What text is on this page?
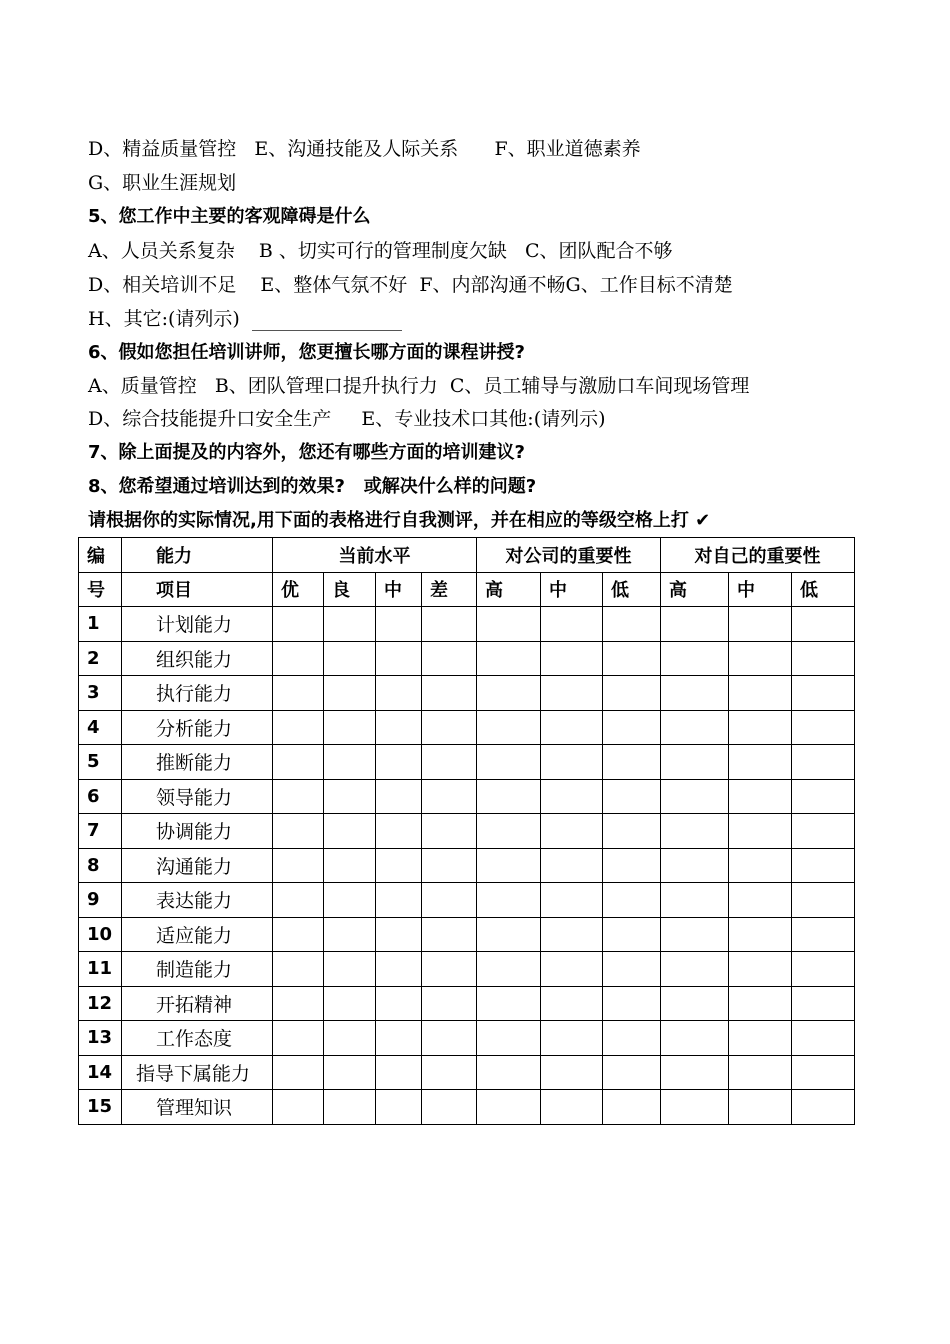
D、精益质量管控   E、沟通技能及人际关系      F、职业道德素养
G、职业生涯规划
5、您工作中主要的客观障碍是什么
A、人员关系复杂    B 、切实可行的管理制度欠缺   C、团队配合不够
D、相关培训不足    E、整体气氛不好  F、内部沟通不畅G、工作目标不清楚
H、其它:(请列示)
6、假如您担任培训讲师，您更擅长哪方面的课程讲授?
A、质量管控   B、团队管理口提升执行力  C、员工辅导与激励口车间现场管理
D、综合技能提升口安全生产     E、专业技术口其他:(请列示)
7、除上面提及的内容外，您还有哪些方面的培训建议?
8、您希望通过培训达到的效果?   或解决什么样的问题?
请根据你的实际情况,用下面的表格进行自我测评，并在相应的等级空格上打 ✔
编	能力	当前水平				对公司的重要性			对自己的重要性		
号	项目	优	良	中	差	高	中	低	高	中	低
1	计划能力										
2	组织能力										
3	执行能力										
4	分析能力										
5	推断能力										
6	领导能力										
7	协调能力										
8	沟通能力										
9	表达能力										
10	适应能力										
11	制造能力										
12	开拓精神										
13	工作态度										
14	指导下属能力										
15	管理知识										
